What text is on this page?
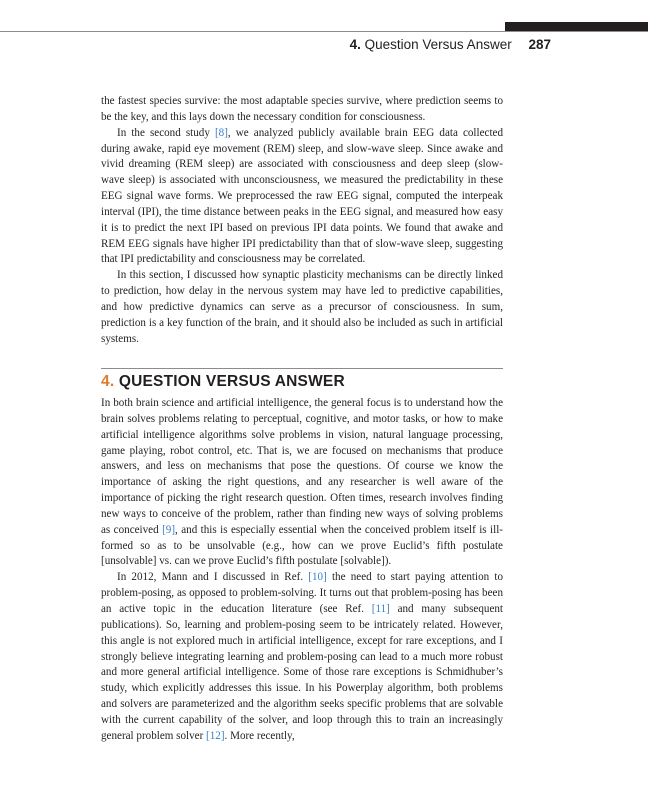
4. Question Versus Answer 287

the fastest species survive: the most adaptable species survive, where prediction seems to be the key, and this lays down the necessary condition for consciousness.

In the second study [8], we analyzed publicly available brain EEG data collected during awake, rapid eye movement (REM) sleep, and slow-wave sleep. Since awake and vivid dreaming (REM sleep) are associated with consciousness and deep sleep (slow-wave sleep) is associated with unconsciousness, we measured the predictability in these EEG signal wave forms. We preprocessed the raw EEG signal, computed the interpeak interval (IPI), the time distance between peaks in the EEG signal, and measured how easy it is to predict the next IPI based on previous IPI data points. We found that awake and REM EEG signals have higher IPI predictability than that of slow-wave sleep, suggesting that IPI predictability and consciousness may be correlated.

In this section, I discussed how synaptic plasticity mechanisms can be directly linked to prediction, how delay in the nervous system may have led to predictive capabilities, and how predictive dynamics can serve as a precursor of consciousness. In sum, prediction is a key function of the brain, and it should also be included as such in artificial systems.

4. QUESTION VERSUS ANSWER

In both brain science and artificial intelligence, the general focus is to understand how the brain solves problems relating to perceptual, cognitive, and motor tasks, or how to make artificial intelligence algorithms solve problems in vision, natural language processing, game playing, robot control, etc. That is, we are focused on mechanisms that produce answers, and less on mechanisms that pose the questions. Of course we know the importance of asking the right questions, and any researcher is well aware of the importance of picking the right research question. Often times, research involves finding new ways to conceive of the problem, rather than finding new ways of solving problems as conceived [9], and this is especially essential when the conceived problem itself is ill-formed so as to be unsolvable (e.g., how can we prove Euclid’s fifth postulate [unsolvable] vs. can we prove Euclid’s fifth postulate [solvable]).

In 2012, Mann and I discussed in Ref. [10] the need to start paying attention to problem-posing, as opposed to problem-solving. It turns out that problem-posing has been an active topic in the education literature (see Ref. [11] and many subsequent publications). So, learning and problem-posing seem to be intricately related. However, this angle is not explored much in artificial intelligence, except for rare exceptions, and I strongly believe integrating learning and problem-posing can lead to a much more robust and more general artificial intelligence. Some of those rare exceptions is Schmidhuber’s study, which explicitly addresses this issue. In his Powerplay algorithm, both problems and solvers are parameterized and the algorithm seeks specific problems that are solvable with the current capability of the solver, and loop through this to train an increasingly general problem solver [12]. More recently,
